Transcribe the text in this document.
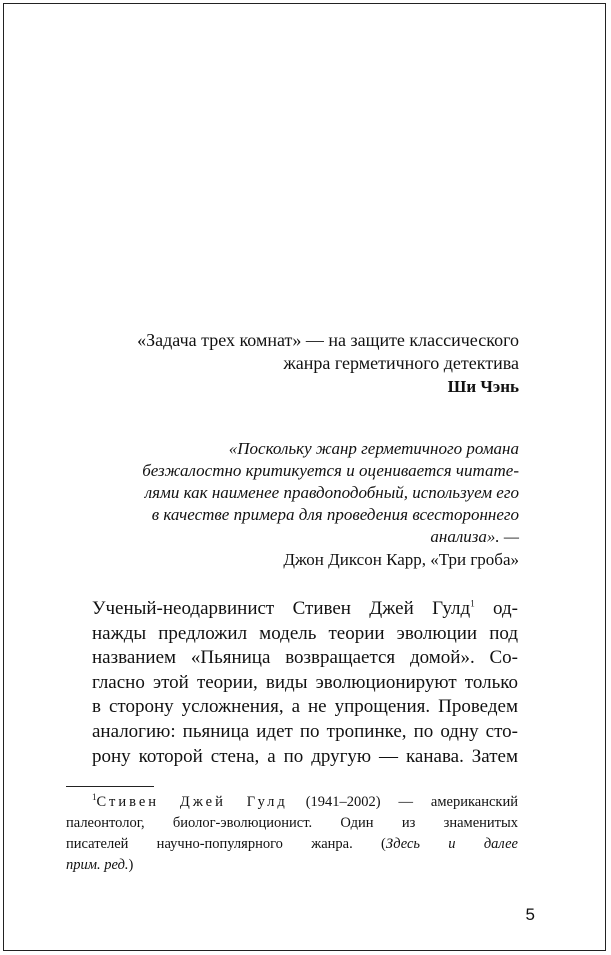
«Задача трех комнат» — на защите классического
жанра герметичного детектива
Ши Чэнь
«Поскольку жанр герметичного романа
безжалостно критикуется и оценивается читате-
лями как наименее правдоподобный, используем его
в качестве примера для проведения всестороннего
анализа». —
Джон Диксон Карр, «Три гроба»
Ученый-неодарвинист Стивен Джей Гулд$^1$ од-
нажды предложил модель теории эволюции под
названием «Пьяница возвращается домой». Со-
гласно этой теории, виды эволюционируют только
в сторону усложнения, а не упрощения. Проведем
аналогию: пьяница идет по тропинке, по одну сто-
рону которой стена, а по другую — канава. Затем
$^1$Стивен Джей Гулд (1941–2002) — американский
палеонтолог, биолог-эволюционист. Один из знаменитых
писателей научно-популярного жанра. (Здесь и далее
прим. ред.)
5
